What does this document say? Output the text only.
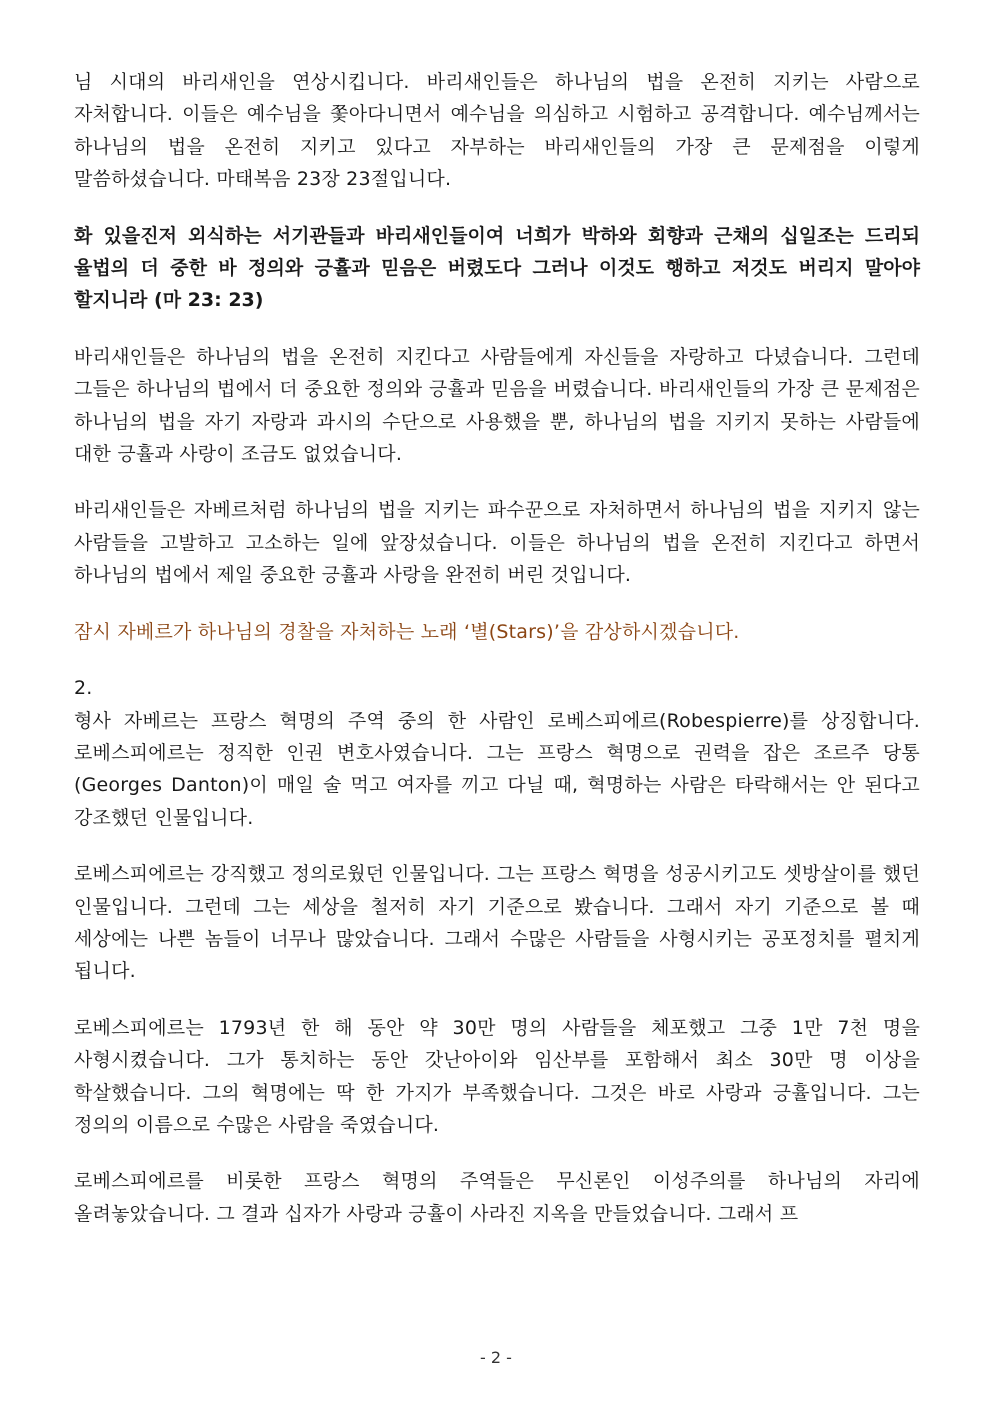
님 시대의 바리새인을 연상시킵니다. 바리새인들은 하나님의 법을 온전히 지키는 사람으로 자처합니다. 이들은 예수님을 쫓아다니면서 예수님을 의심하고 시험하고 공격합니다. 예수님께서는 하나님의 법을 온전히 지키고 있다고 자부하는 바리새인들의 가장 큰 문제점을 이렇게 말씀하셨습니다. 마태복음 23장 23절입니다.

화 있을진저 외식하는 서기관들과 바리새인들이여 너희가 박하와 회향과 근채의 십일조는 드리되 율법의 더 중한 바 정의와 긍휼과 믿음은 버렸도다 그러나 이것도 행하고 저것도 버리지 말아야 할지니라 (마 23: 23)

바리새인들은 하나님의 법을 온전히 지킨다고 사람들에게 자신들을 자랑하고 다녔습니다. 그런데 그들은 하나님의 법에서 더 중요한 정의와 긍휼과 믿음을 버렸습니다. 바리새인들의 가장 큰 문제점은 하나님의 법을 자기 자랑과 과시의 수단으로 사용했을 뿐, 하나님의 법을 지키지 못하는 사람들에 대한 긍휼과 사랑이 조금도 없었습니다.

바리새인들은 자베르처럼 하나님의 법을 지키는 파수꾼으로 자처하면서 하나님의 법을 지키지 않는 사람들을 고발하고 고소하는 일에 앞장섰습니다. 이들은 하나님의 법을 온전히 지킨다고 하면서 하나님의 법에서 제일 중요한 긍휼과 사랑을 완전히 버린 것입니다.

잠시 자베르가 하나님의 경찰을 자처하는 노래 ‘별(Stars)’을 감상하시겠습니다.

2.

형사 자베르는 프랑스 혁명의 주역 중의 한 사람인 로베스피에르(Robespierre)를 상징합니다. 로베스피에르는 정직한 인권 변호사였습니다. 그는 프랑스 혁명으로 권력을 잡은 조르주 당통(Georges Danton)이 매일 술 먹고 여자를 끼고 다닐 때, 혁명하는 사람은 타락해서는 안 된다고 강조했던 인물입니다.

로베스피에르는 강직했고 정의로웠던 인물입니다. 그는 프랑스 혁명을 성공시키고도 셋방살이를 했던 인물입니다. 그런데 그는 세상을 철저히 자기 기준으로 봤습니다. 그래서 자기 기준으로 볼 때 세상에는 나쁜 놈들이 너무나 많았습니다. 그래서 수많은 사람들을 사형시키는 공포정치를 펼치게 됩니다.

로베스피에르는 1793년 한 해 동안 약 30만 명의 사람들을 체포했고 그중 1만 7천 명을 사형시켰습니다. 그가 통치하는 동안 갓난아이와 임산부를 포함해서 최소 30만 명 이상을 학살했습니다. 그의 혁명에는 딱 한 가지가 부족했습니다. 그것은 바로 사랑과 긍휼입니다. 그는 정의의 이름으로 수많은 사람을 죽였습니다.

로베스피에르를 비롯한 프랑스 혁명의 주역들은 무신론인 이성주의를 하나님의 자리에 올려놓았습니다. 그 결과 십자가 사랑과 긍휼이 사라진 지옥을 만들었습니다. 그래서 프

- 2 -
